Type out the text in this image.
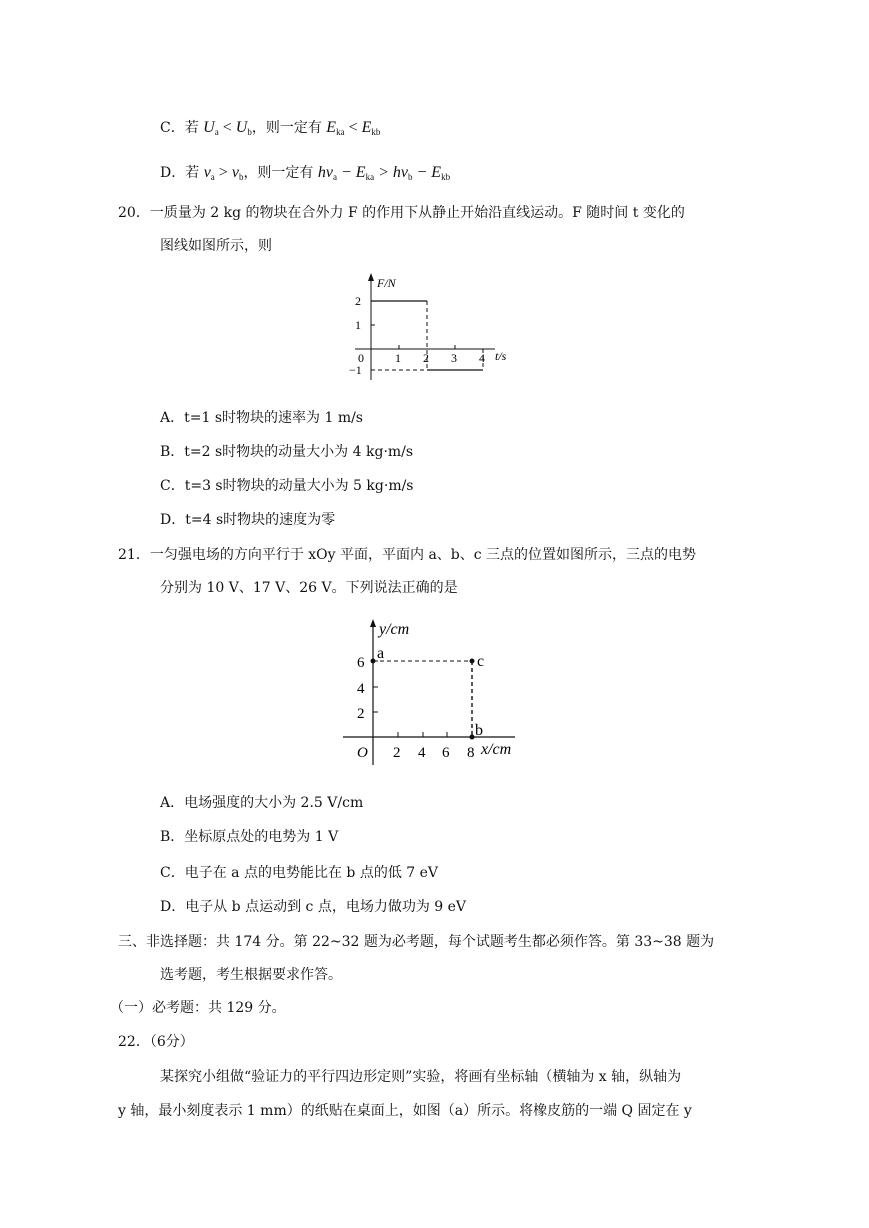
C．若 $U_a < U_b$，则一定有 $E_{ka} < E_{kb}$
D．若 $\nu_a > \nu_b$，则一定有 $h\nu_a - E_{ka} > h\nu_b - E_{kb}$
20．一质量为 2 kg 的物块在合外力 F 的作用下从静止开始沿直线运动。F 随时间 t 变化的
图线如图所示，则
F/N
2
1
−1
0	1 2 3 4 t/s
A．t=1 s时物块的速率为 1 m/s
B．t=2 s时物块的动量大小为 4 kg·m/s
C．t=3 s时物块的动量大小为 5 kg·m/s
D．t=4 s时物块的速度为零
21．一匀强电场的方向平行于 xOy 平面，平面内 a、b、c 三点的位置如图所示，三点的电势
分别为 10 V、17 V、26 V。下列说法正确的是
y/cm
6
4
2
O 2 4 6 8 x/cm
a	c
b
A．电场强度的大小为 2.5 V/cm
B．坐标原点处的电势为 1 V
C．电子在 a 点的电势能比在 b 点的低 7 eV
D．电子从 b 点运动到 c 点，电场力做功为 9 eV
三、非选择题：共 174 分。第 22~32 题为必考题，每个试题考生都必须作答。第 33~38 题为
选考题，考生根据要求作答。
（一）必考题：共 129 分。
22．（6分）
某探究小组做“验证力的平行四边形定则”实验，将画有坐标轴（横轴为 x 轴，纵轴为
y 轴，最小刻度表示 1 mm）的纸贴在桌面上，如图（a）所示。将橡皮筋的一端 Q 固定在 y
